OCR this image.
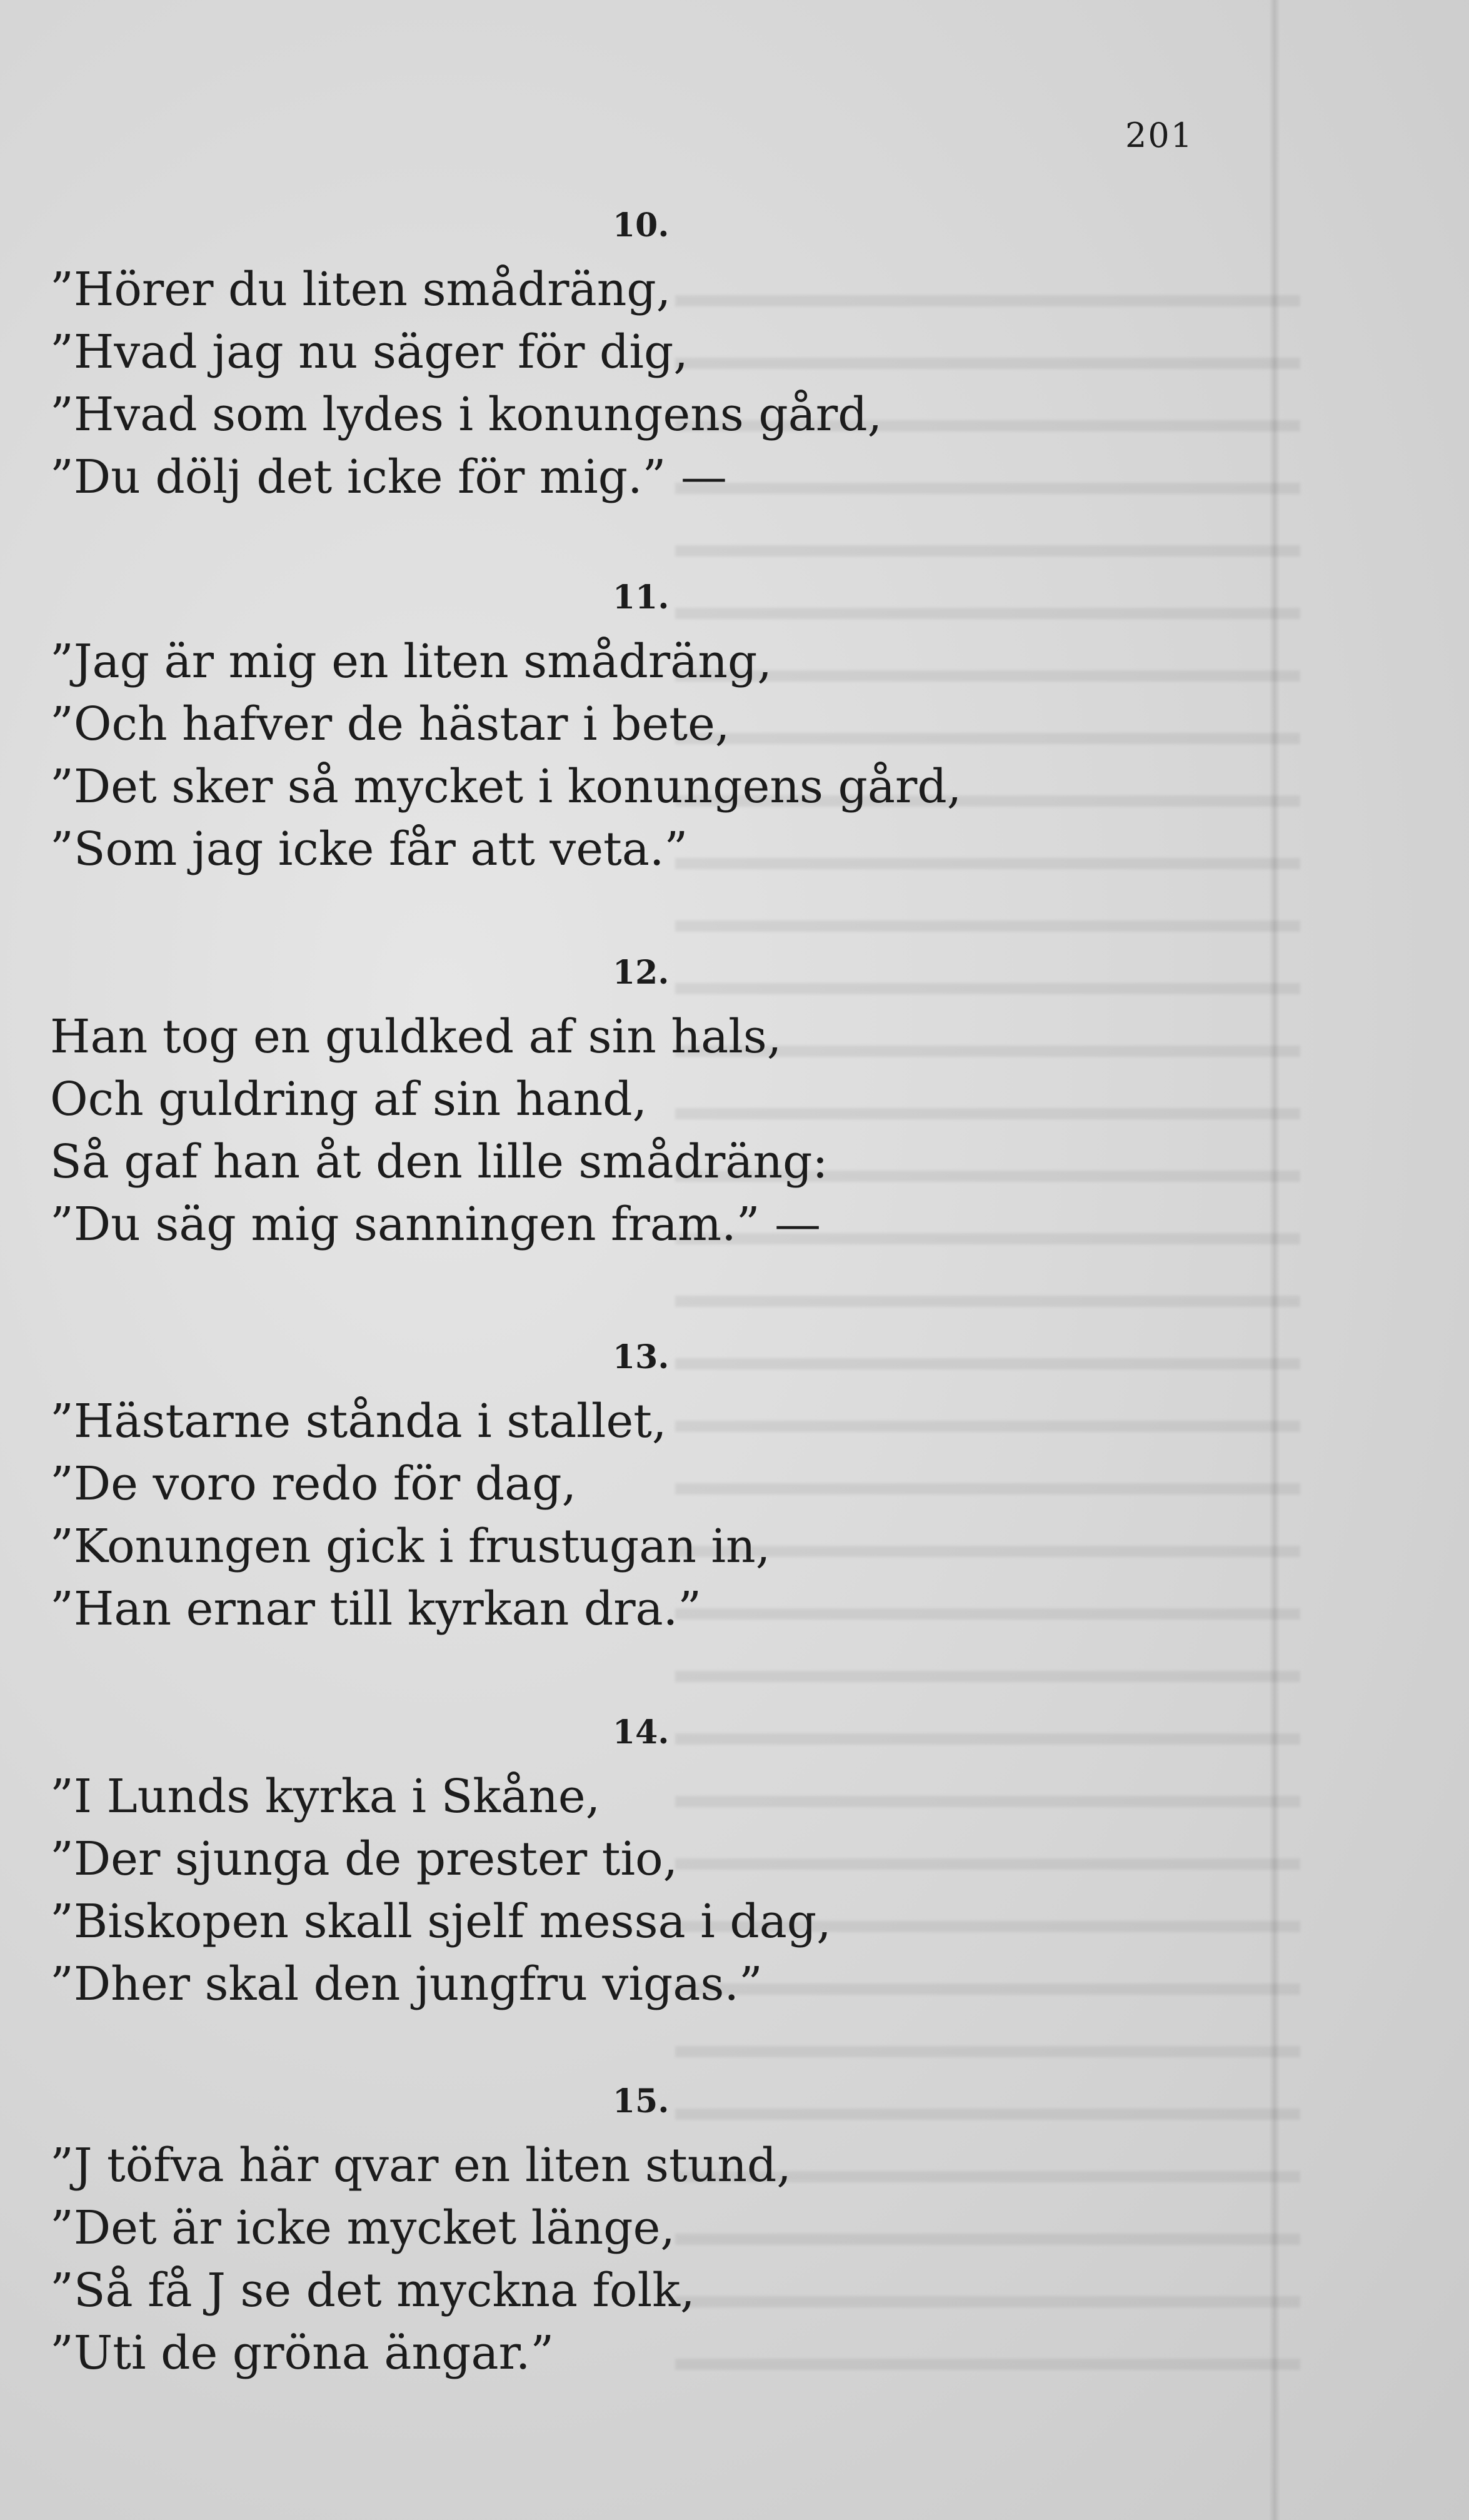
201
10.
”Hörer du liten smådräng,
”Hvad jag nu säger för dig,
”Hvad som lydes i konungens gård,
”Du dölj det icke för mig.” —
11.
”Jag är mig en liten smådräng,
”Och hafver de hästar i bete,
”Det sker så mycket i konungens gård,
”Som jag icke får att veta.”
12.
Han tog en guldked af sin hals,
Och guldring af sin hand,
Så gaf han åt den lille smådräng:
”Du säg mig sanningen fram.” —
13.
”Hästarne stånda i stallet,
”De voro redo för dag,
”Konungen gick i frustugan in,
”Han ernar till kyrkan dra.”
14.
”I Lunds kyrka i Skåne,
”Der sjunga de prester tio,
”Biskopen skall sjelf messa i dag,
”Dher skal den jungfru vigas.”
15.
”J töfva här qvar en liten stund,
”Det är icke mycket länge,
”Så få J se det myckna folk,
”Uti de gröna ängar.”
